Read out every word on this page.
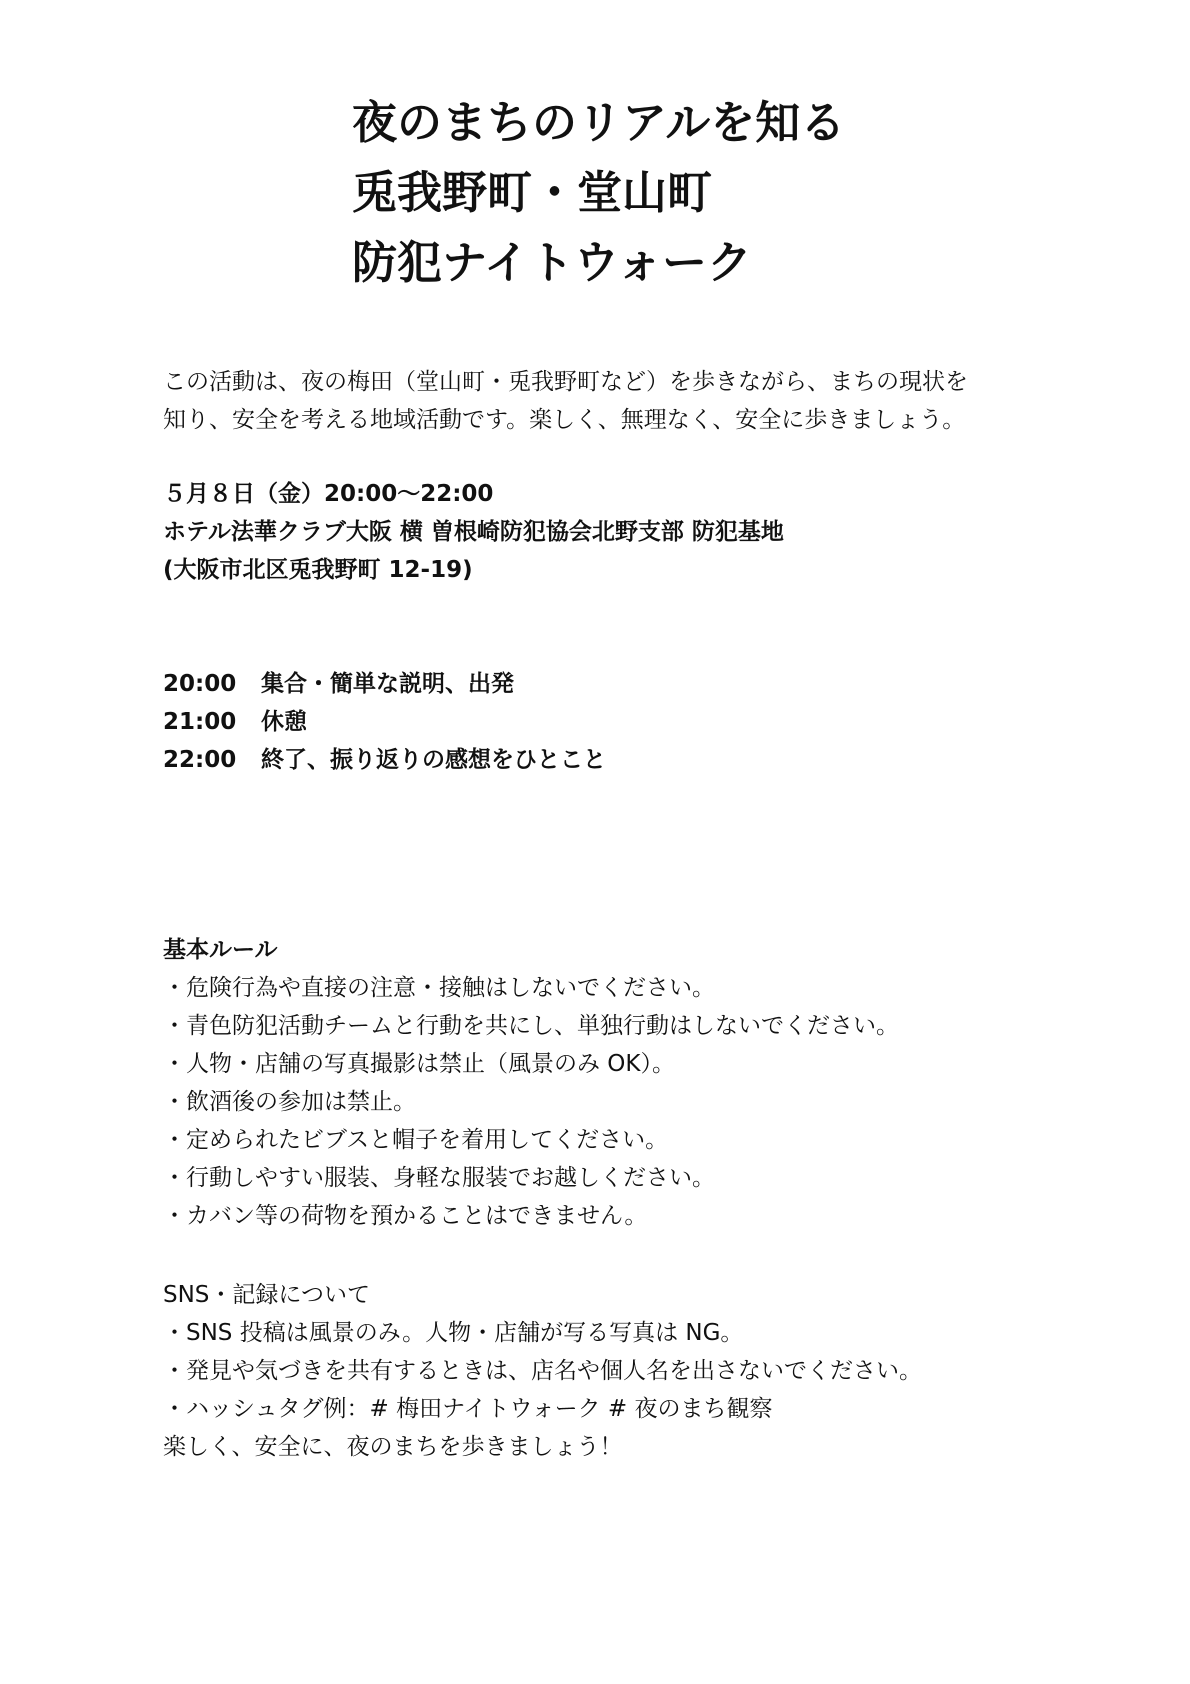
夜のまちのリアルを知る
兎我野町・堂山町
防犯ナイトウォーク
この活動は、夜の梅田（堂山町・兎我野町など）を歩きながら、まちの現状を
知り、安全を考える地域活動です。楽しく、無理なく、安全に歩きましょう。
５月８日（金）20:00〜22:00
ホテル法華クラブ大阪 横 曽根崎防犯協会北野支部 防犯基地
(大阪市北区兎我野町 12-19)
20:00	集合・簡単な説明、出発
21:00	休憩
22:00	終了、振り返りの感想をひとこと
基本ルール
・危険行為や直接の注意・接触はしないでください。
・青色防犯活動チームと行動を共にし、単独行動はしないでください。
・人物・店舗の写真撮影は禁止（風景のみ OK）。
・飲酒後の参加は禁止。
・定められたビブスと帽子を着用してください。
・行動しやすい服装、身軽な服装でお越しください。
・カバン等の荷物を預かることはできません。
SNS・記録について
・SNS 投稿は風景のみ。人物・店舗が写る写真は NG。
・発見や気づきを共有するときは、店名や個人名を出さないでください。
・ハッシュタグ例：# 梅田ナイトウォーク # 夜のまち観察
楽しく、安全に、夜のまちを歩きましょう！
